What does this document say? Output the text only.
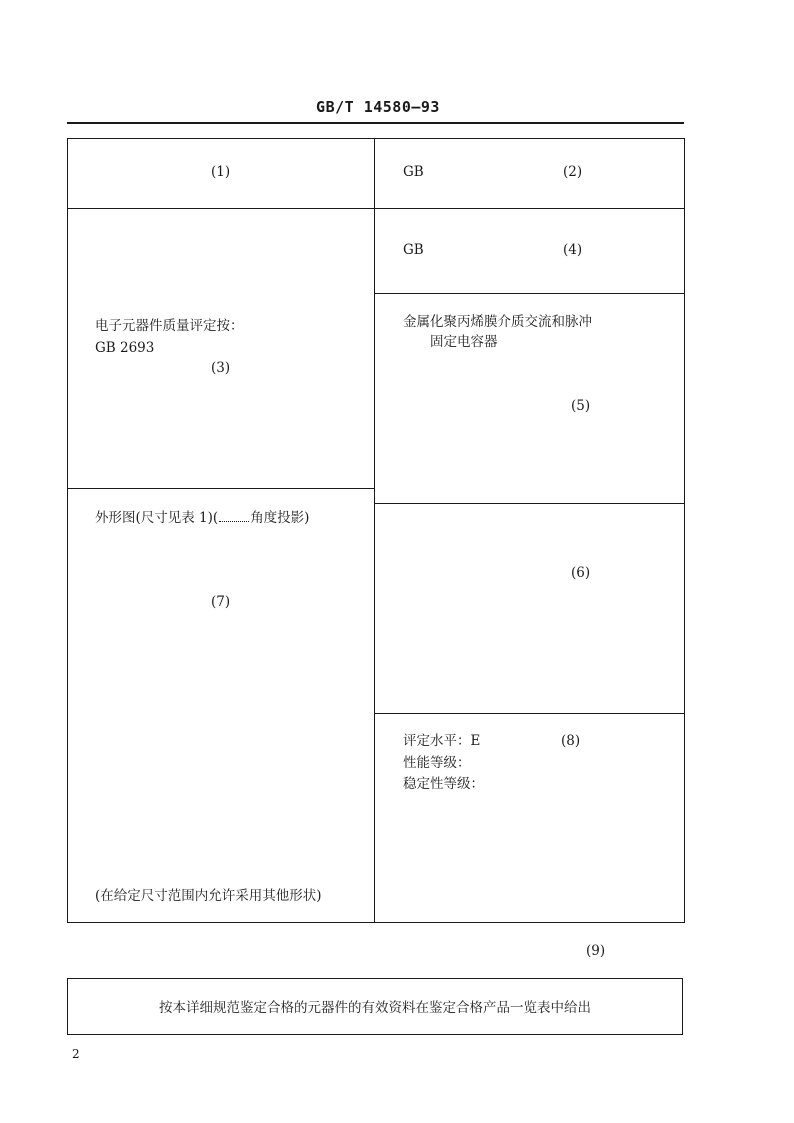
GB/T 14580—93
(1)	GB	(2)
GB	(4)
电子元器件质量评定按：
GB 2693
(3)
金属化聚丙烯膜介质交流和脉冲
固定电容器
(5)
外形图(尺寸见表 1)( 角度投影)
(7)
(在给定尺寸范围内允许采用其他形状)
(6)
评定水平：E	(8)
性能等级：
稳定性等级：
(9)
按本详细规范鉴定合格的元器件的有效资料在鉴定合格产品一览表中给出
2
